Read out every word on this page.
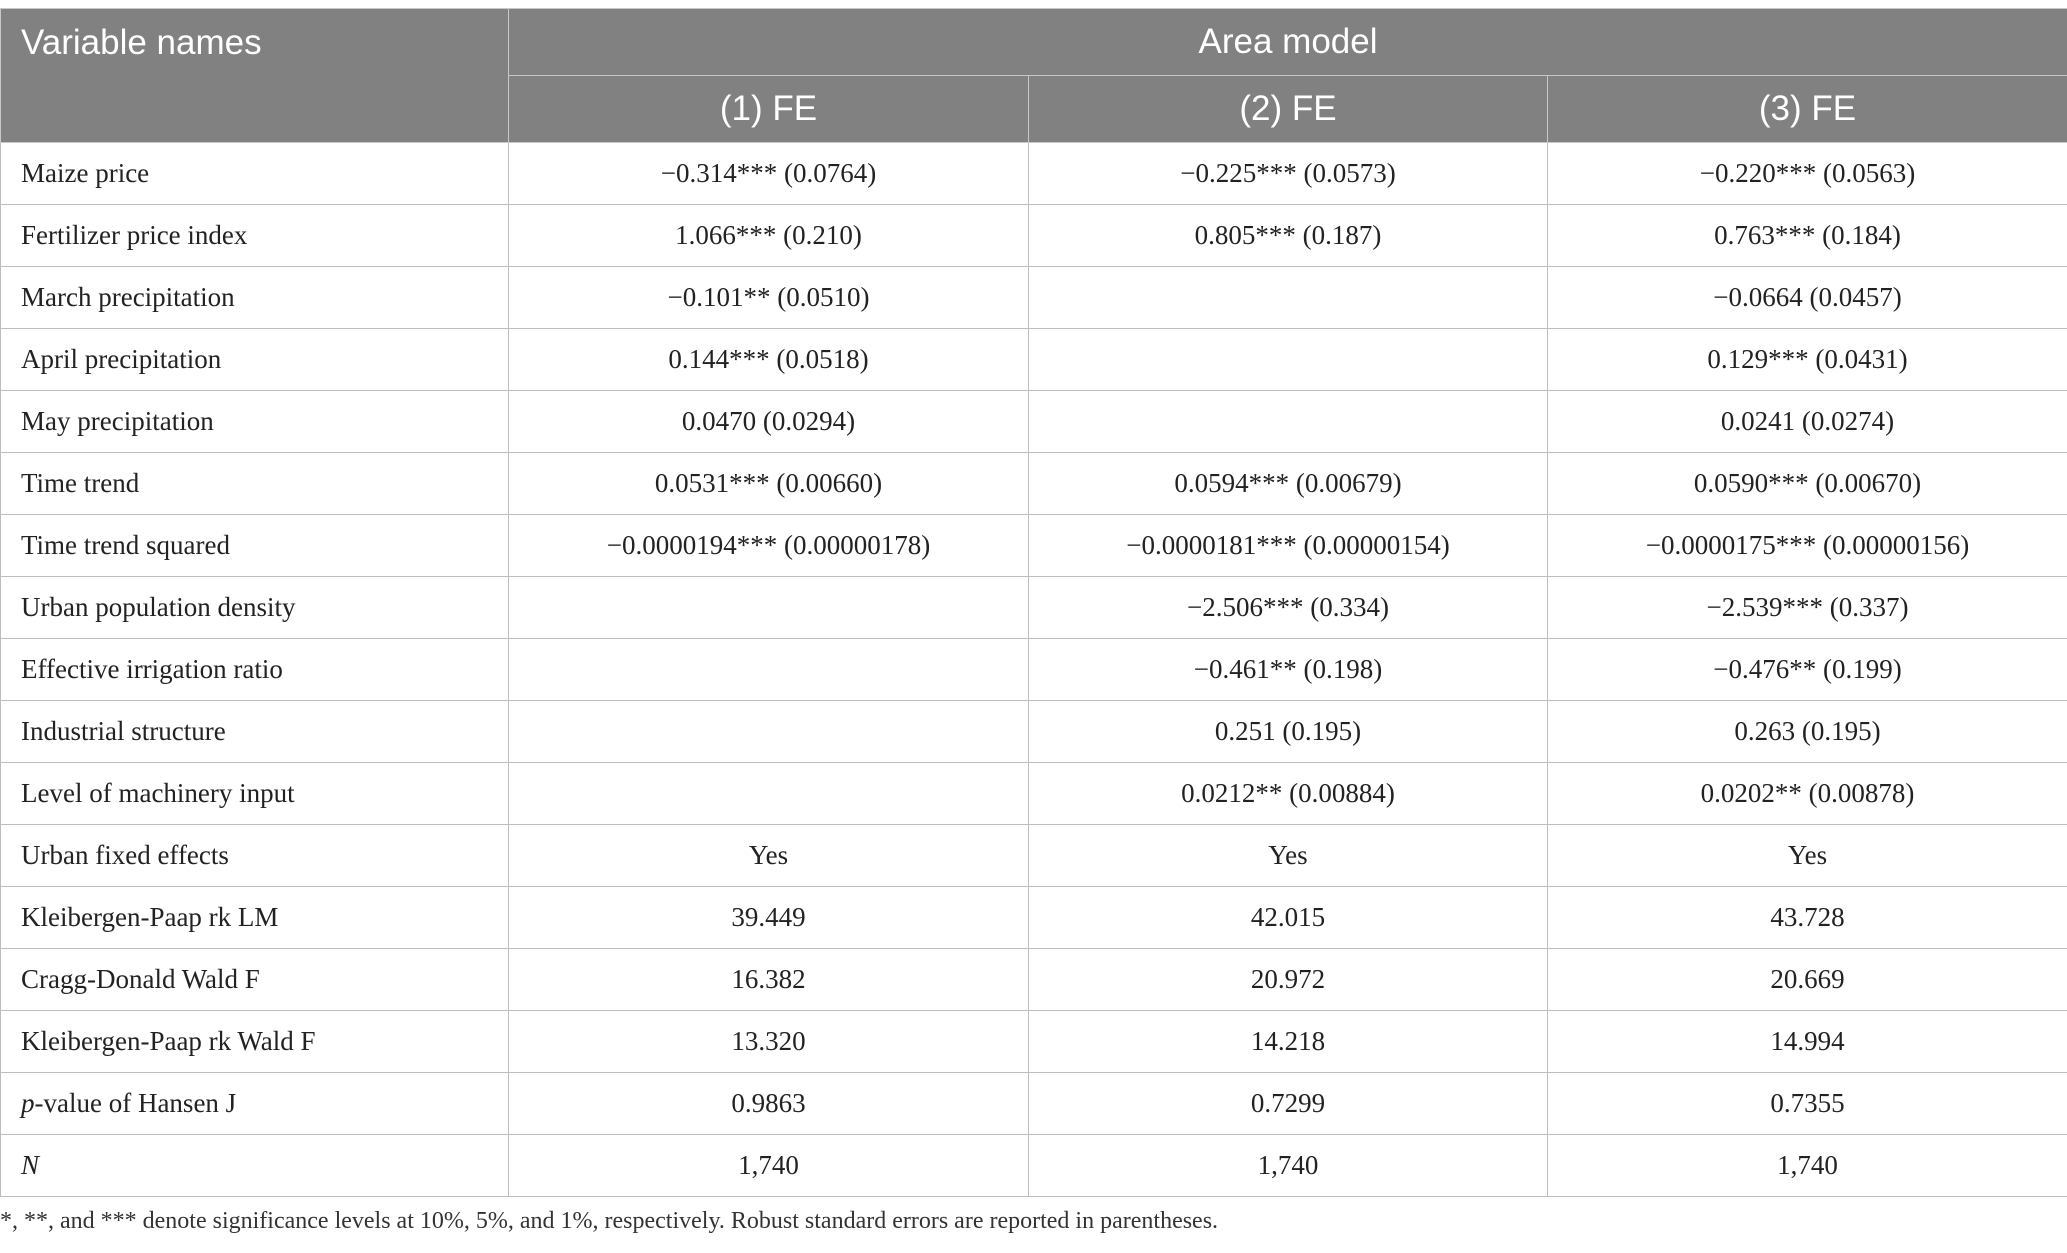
Variable names	Area model		
	(1) FE	(2) FE	(3) FE
Maize price	−0.314*** (0.0764)	−0.225*** (0.0573)	−0.220*** (0.0563)
Fertilizer price index	1.066*** (0.210)	0.805*** (0.187)	0.763*** (0.184)
March precipitation	−0.101** (0.0510)		−0.0664 (0.0457)
April precipitation	0.144*** (0.0518)		0.129*** (0.0431)
May precipitation	0.0470 (0.0294)		0.0241 (0.0274)
Time trend	0.0531*** (0.00660)	0.0594*** (0.00679)	0.0590*** (0.00670)
Time trend squared	−0.0000194*** (0.00000178)	−0.0000181*** (0.00000154)	−0.0000175*** (0.00000156)
Urban population density		−2.506*** (0.334)	−2.539*** (0.337)
Effective irrigation ratio		−0.461** (0.198)	−0.476** (0.199)
Industrial structure		0.251 (0.195)	0.263 (0.195)
Level of machinery input		0.0212** (0.00884)	0.0202** (0.00878)
Urban fixed effects	Yes	Yes	Yes
Kleibergen-Paap rk LM	39.449	42.015	43.728
Cragg-Donald Wald F	16.382	20.972	20.669
Kleibergen-Paap rk Wald F	13.320	14.218	14.994
p-value of Hansen J	0.9863	0.7299	0.7355
N	1,740	1,740	1,740
*, **, and *** denote significance levels at 10%, 5%, and 1%, respectively. Robust standard errors are reported in parentheses.
